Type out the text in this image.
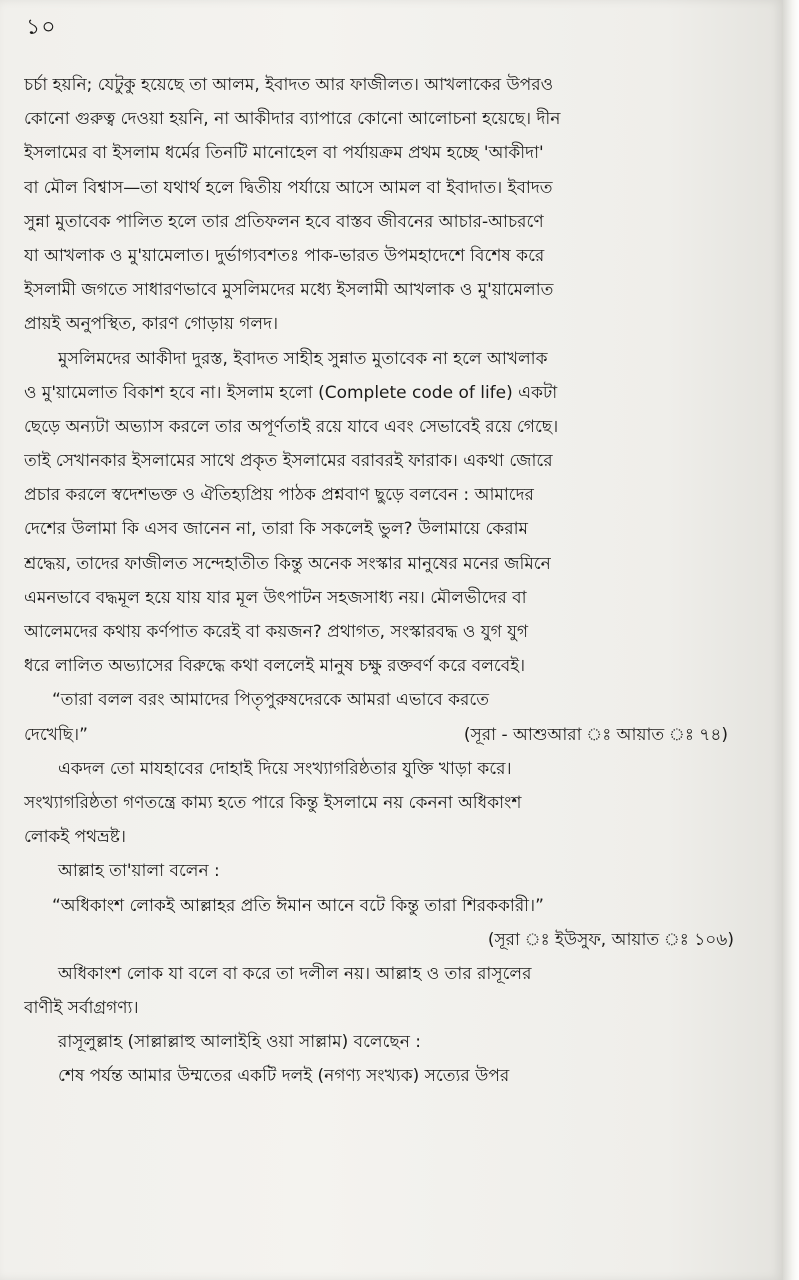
১০
চর্চা হয়নি; যেটুকু হয়েছে তা আলম, ইবাদত আর ফাজীলত। আখলাকের উপরও
কোনো গুরুত্ব দেওয়া হয়নি, না আকীদার ব্যাপারে কোনো আলোচনা হয়েছে। দীন
ইসলামের বা ইসলাম ধর্মের তিনটি মানোহেল বা পর্যায়ক্রম প্রথম হচ্ছে 'আকীদা'
বা মৌল বিশ্বাস—তা যথার্থ হলে দ্বিতীয় পর্যায়ে আসে আমল বা ইবাদাত। ইবাদত
সুন্না মুতাবেক পালিত হলে তার প্রতিফলন হবে বাস্তব জীবনের আচার-আচরণে
যা আখলাক ও মু'য়ামেলাত। দুর্ভাগ্যবশতঃ পাক-ভারত উপমহাদেশে বিশেষ করে
ইসলামী জগতে সাধারণভাবে মুসলিমদের মধ্যে ইসলামী আখলাক ও মু'য়ামেলাত
প্রায়ই অনুপস্থিত, কারণ গোড়ায় গলদ।
মুসলিমদের আকীদা দুরস্ত, ইবাদত সাহীহ সুন্নাত মুতাবেক না হলে আখলাক
ও মু'য়ামেলাত বিকাশ হবে না। ইসলাম হলো (Complete code of life) একটা
ছেড়ে অন্যটা অভ্যাস করলে তার অপূর্ণতাই রয়ে যাবে এবং সেভাবেই রয়ে গেছে।
তাই সেখানকার ইসলামের সাথে প্রকৃত ইসলামের বরাবরই ফারাক। একথা জোরে
প্রচার করলে স্বদেশভক্ত ও ঐতিহ্যপ্রিয় পাঠক প্রশ্নবাণ ছুড়ে বলবেন : আমাদের
দেশের উলামা কি এসব জানেন না, তারা কি সকলেই ভুল? উলামায়ে কেরাম
শ্রদ্ধেয়, তাদের ফাজীলত সন্দেহাতীত কিন্তু অনেক সংস্কার মানুষের মনের জমিনে
এমনভাবে বদ্ধমূল হয়ে যায় যার মূল উৎপাটন সহজসাধ্য নয়। মৌলভীদের বা
আলেমদের কথায় কর্ণপাত করেই বা কয়জন? প্রথাগত, সংস্কারবদ্ধ ও যুগ যুগ
ধরে লালিত অভ্যাসের বিরুদ্ধে কথা বললেই মানুষ চক্ষু রক্তবর্ণ করে বলবেই।
“তারা বলল বরং আমাদের পিতৃপুরুষদেরকে আমরা এভাবে করতে
দেখেছি।”	(সূরা - আশুআরা ঃ আয়াত ঃ ৭৪)
একদল তো মাযহাবের দোহাই দিয়ে সংখ্যাগরিষ্ঠতার যুক্তি খাড়া করে।
সংখ্যাগরিষ্ঠতা গণতন্ত্রে কাম্য হতে পারে কিন্তু ইসলামে নয় কেননা অধিকাংশ
লোকই পথভ্রষ্ট।
আল্লাহ তা'য়ালা বলেন :
“অধিকাংশ লোকই আল্লাহর প্রতি ঈমান আনে বটে কিন্তু তারা শিরককারী।”
(সূরা ঃ ইউসুফ, আয়াত ঃ ১০৬)
অধিকাংশ লোক যা বলে বা করে তা দলীল নয়। আল্লাহ ও তার রাসূলের
বাণীই সর্বাগ্রগণ্য।
রাসূলুল্লাহ (সাল্লাল্লাহু আলাইহি ওয়া সাল্লাম) বলেছেন :
শেষ পর্যন্ত আমার উম্মতের একটি দলই (নগণ্য সংখ্যক) সত্যের উপর
